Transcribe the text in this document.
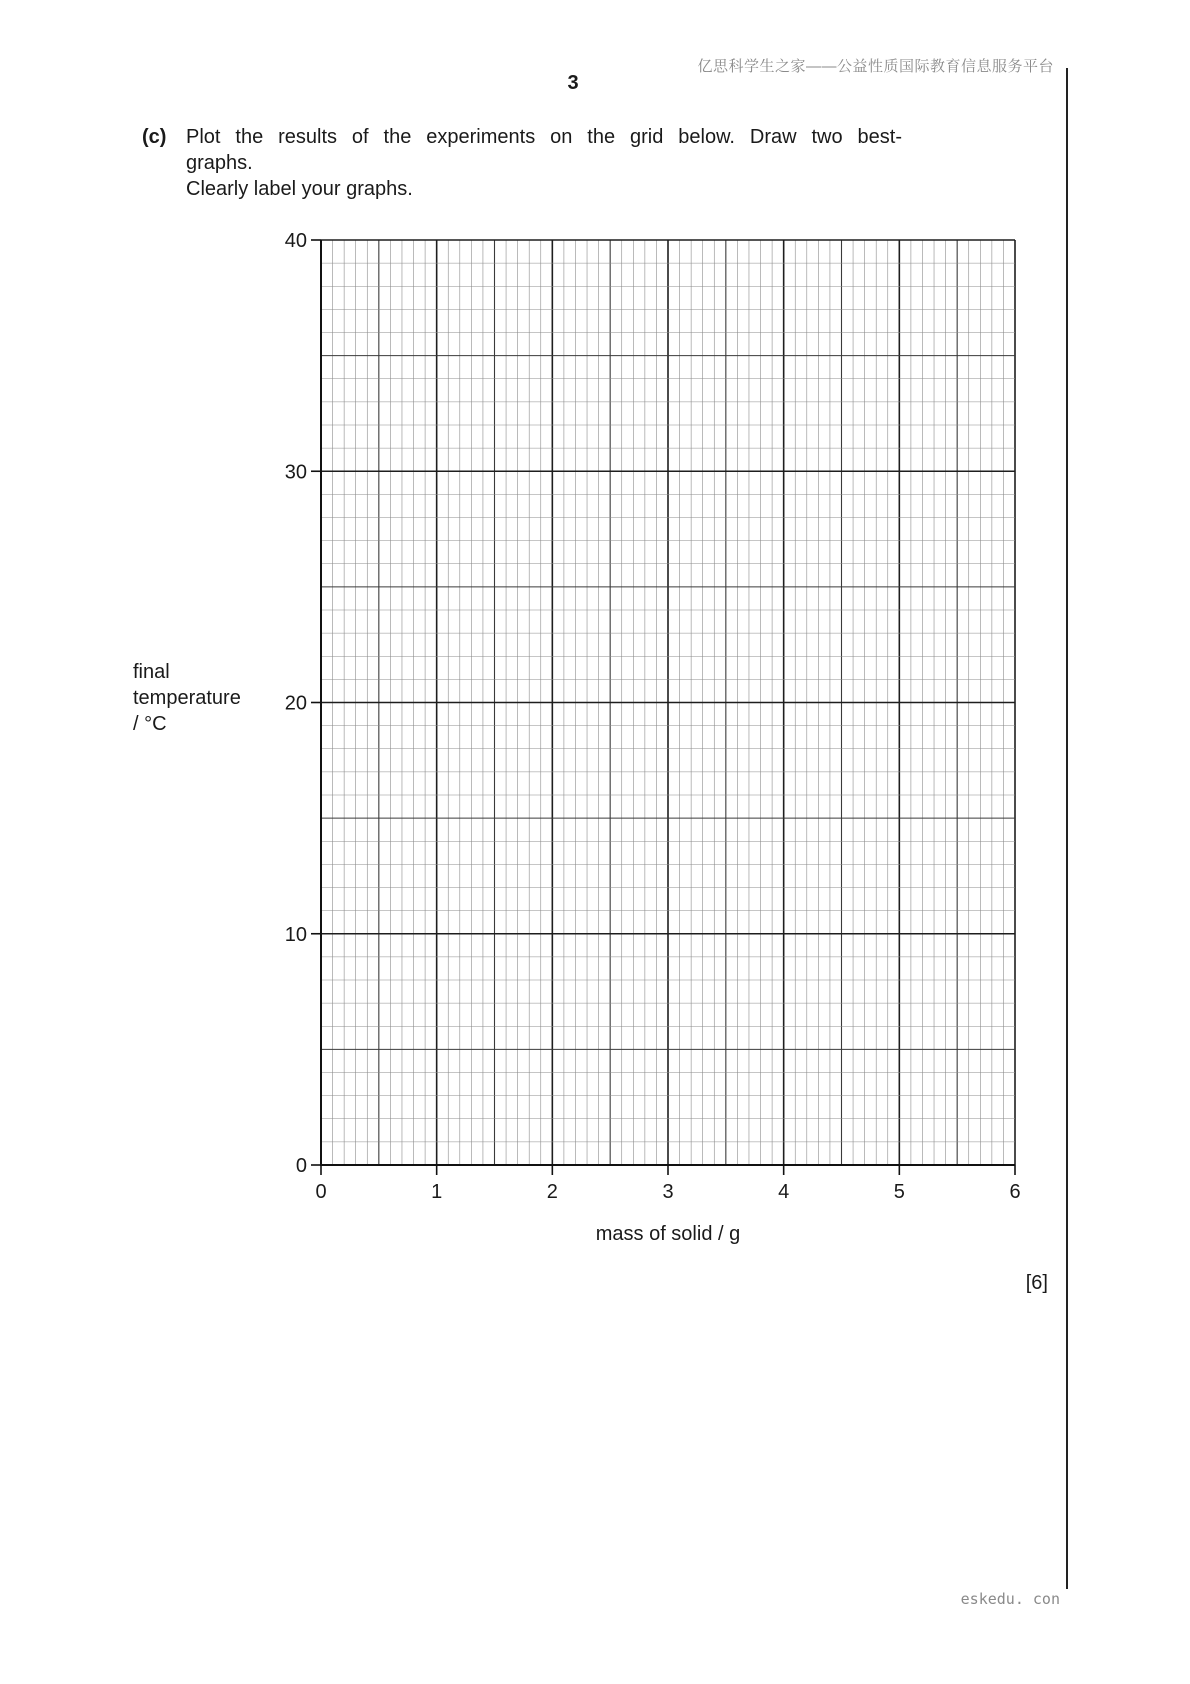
亿思科学生之家——公益性质国际教育信息服务平台
3
(c) Plot the results of the experiments on the grid below. Draw two best-
graphs.
Clearly label your graphs.
final
temperature
/ °C
0
10
20
30
40
0	1	2	3	4	5	6
mass of solid / g
[6]
eskedu. con
